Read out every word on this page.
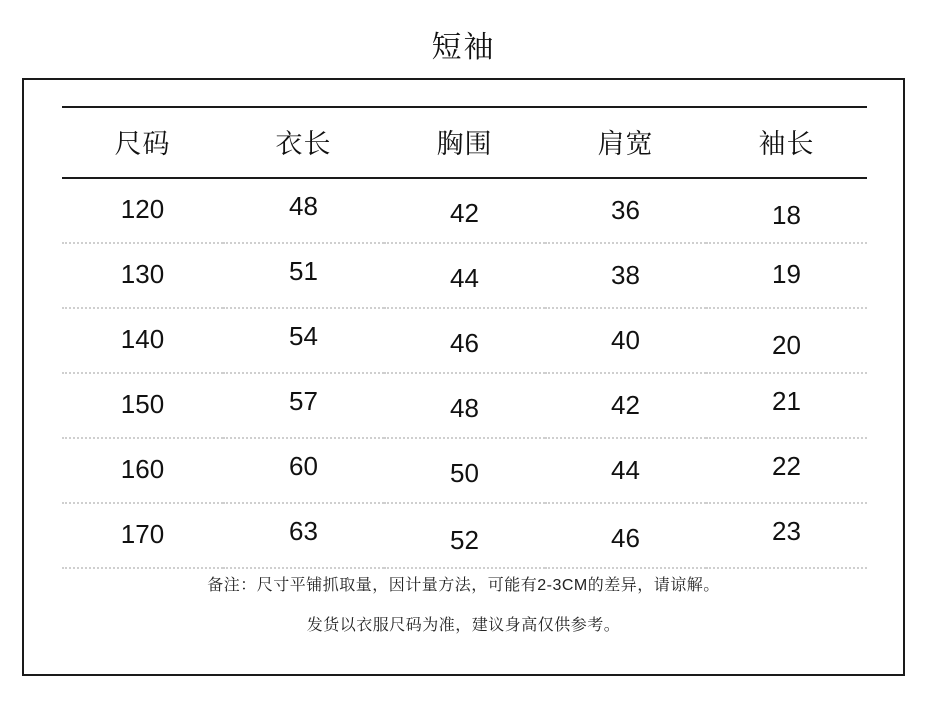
短袖
尺码	衣长	胸围	肩宽	袖长
120	48	42	36	18
130	51	44	38	19
140	54	46	40	20
150	57	48	42	21
160	60	50	44	22
170	63	52	46	23
备注：尺寸平铺抓取量，因计量方法，可能有2-3CM的差异，请谅解。
发货以衣服尺码为准，建议身高仅供参考。
